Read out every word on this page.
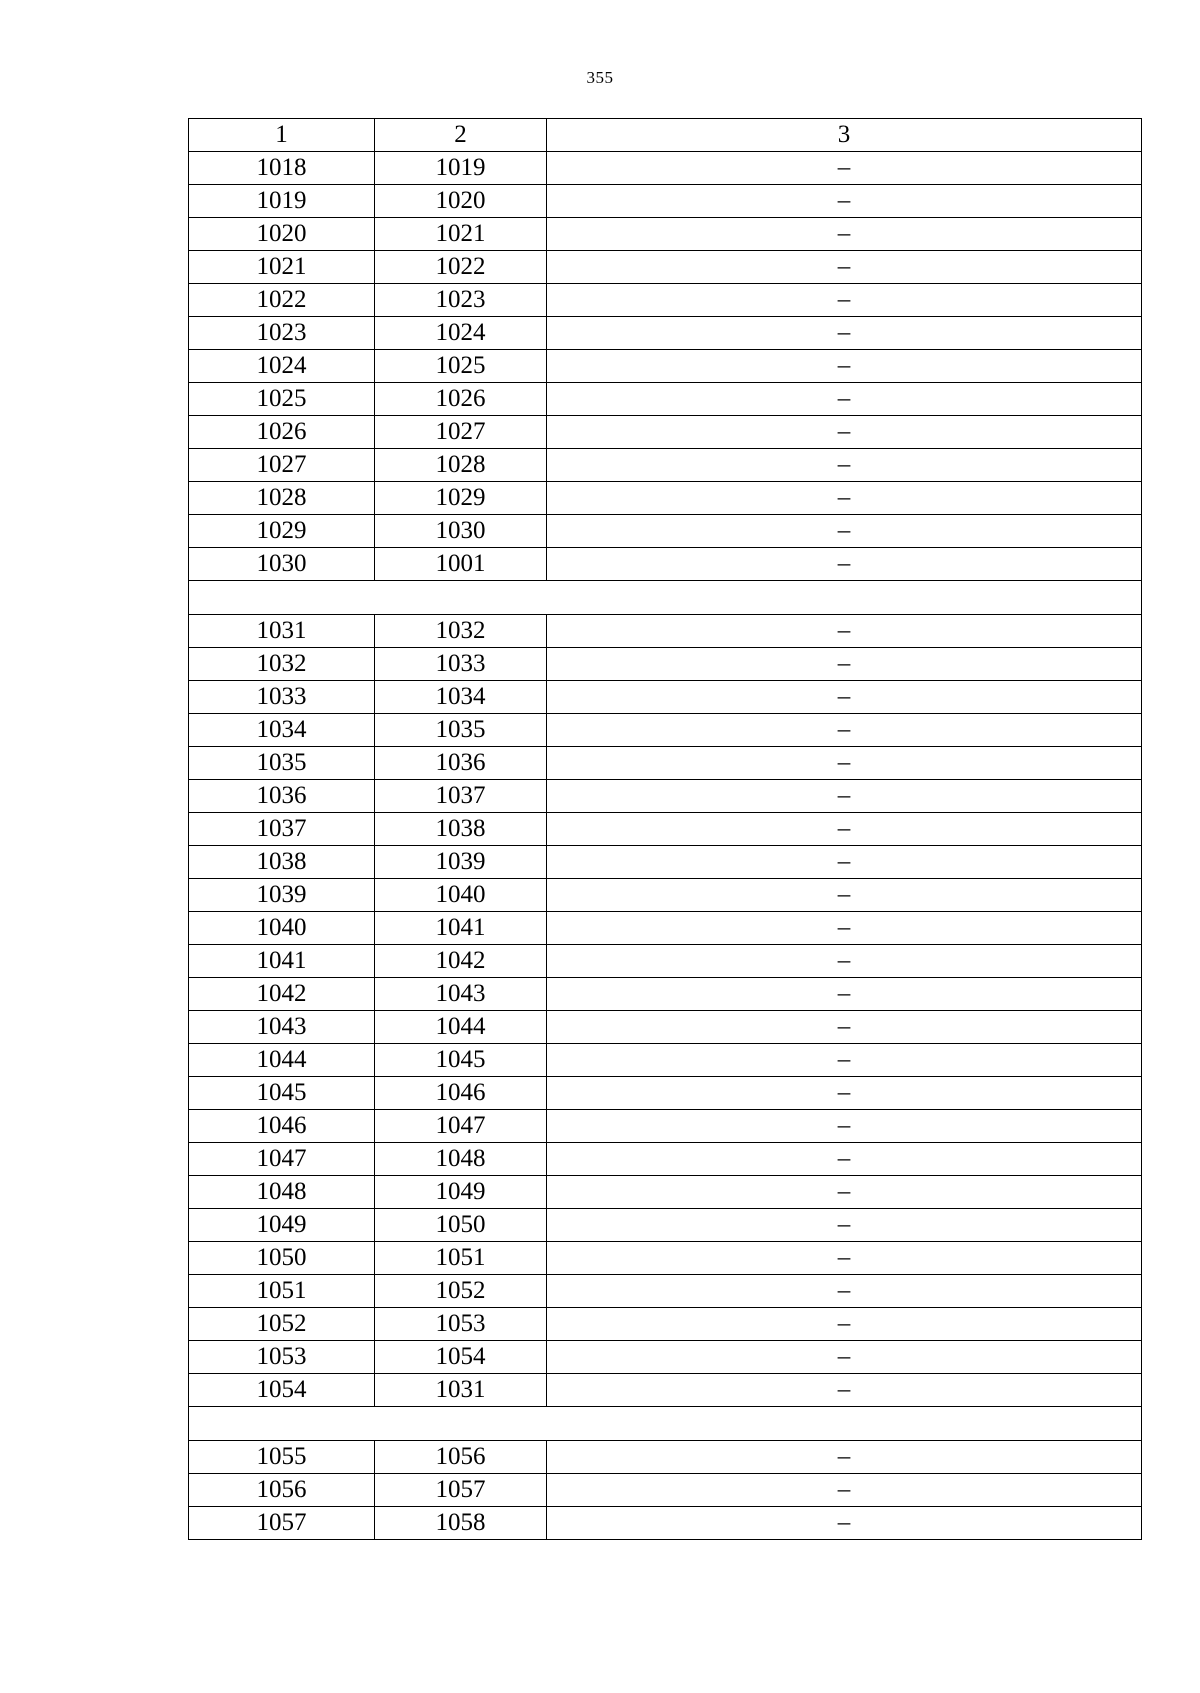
355
1	2	3
1018	1019	–
1019	1020	–
1020	1021	–
1021	1022	–
1022	1023	–
1023	1024	–
1024	1025	–
1025	1026	–
1026	1027	–
1027	1028	–
1028	1029	–
1029	1030	–
1030	1001	–

1031	1032	–
1032	1033	–
1033	1034	–
1034	1035	–
1035	1036	–
1036	1037	–
1037	1038	–
1038	1039	–
1039	1040	–
1040	1041	–
1041	1042	–
1042	1043	–
1043	1044	–
1044	1045	–
1045	1046	–
1046	1047	–
1047	1048	–
1048	1049	–
1049	1050	–
1050	1051	–
1051	1052	–
1052	1053	–
1053	1054	–
1054	1031	–

1055	1056	–
1056	1057	–
1057	1058	–
